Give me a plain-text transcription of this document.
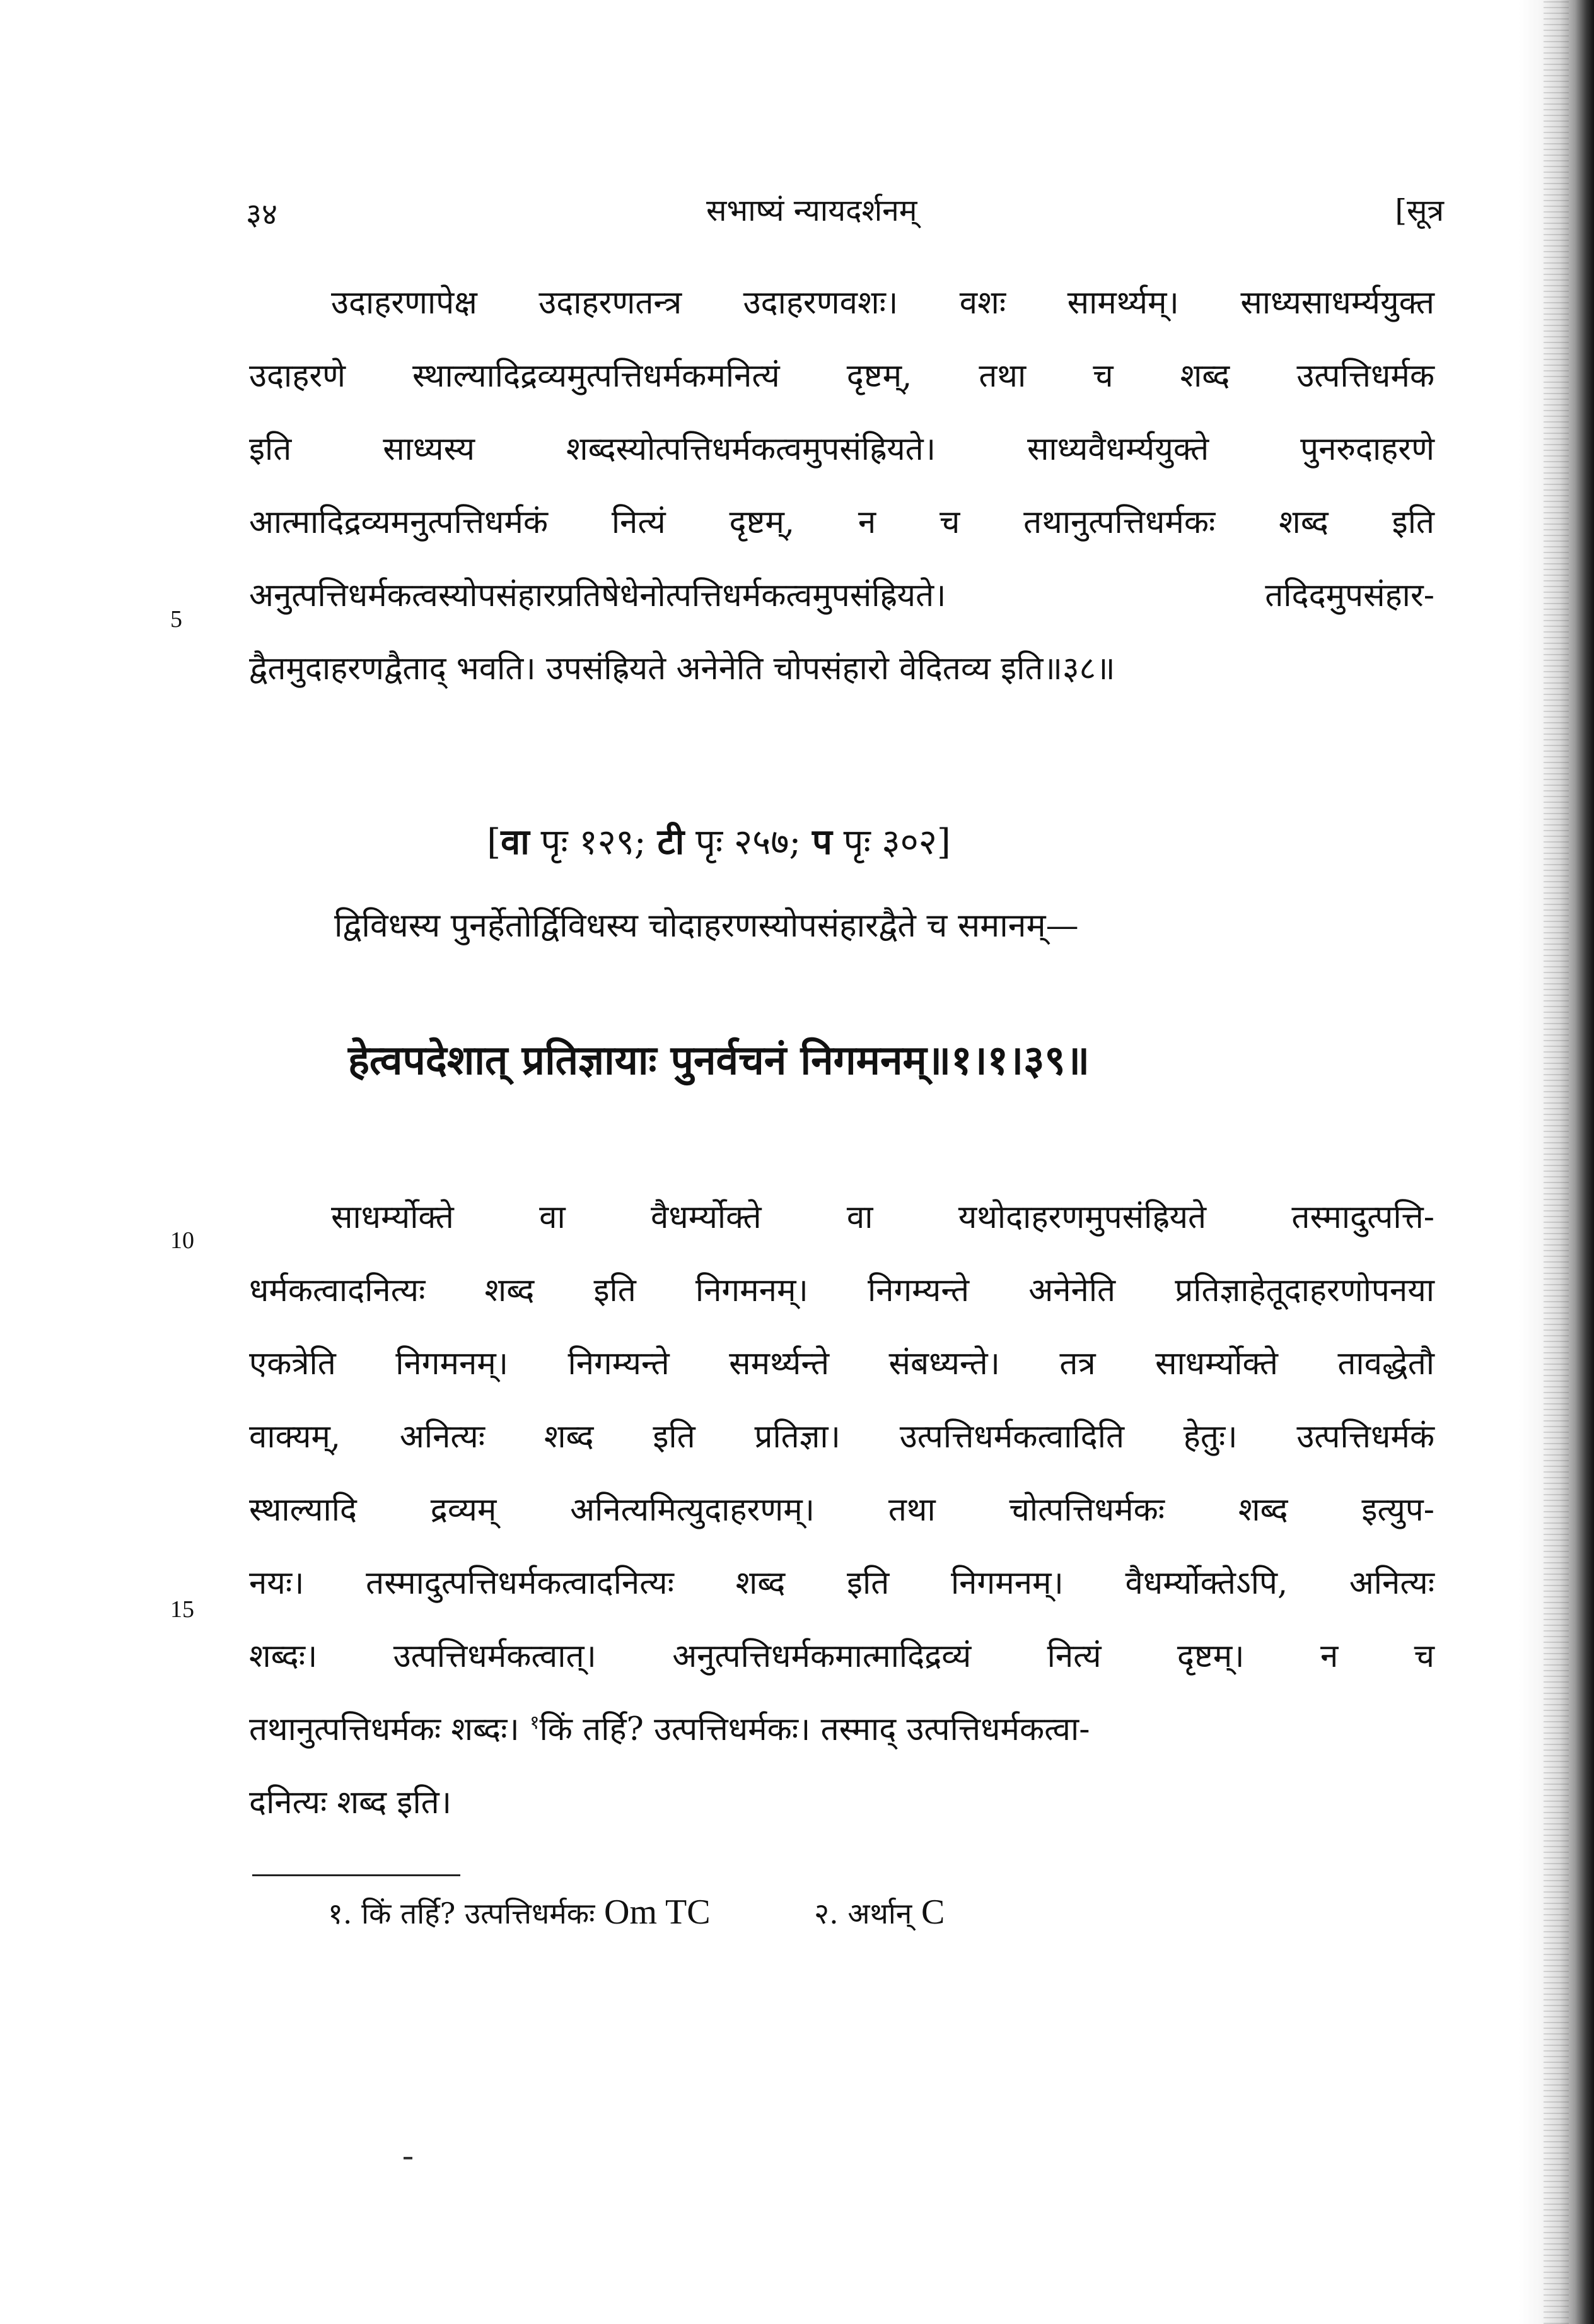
३४	सभाष्यं न्यायदर्शनम्	[सूत्र
उदाहरणापेक्ष उदाहरणतन्त्र उदाहरणवशः। वशः सामर्थ्यम्। साध्यसाधर्म्ययुक्त
उदाहरणे स्थाल्यादिद्रव्यमुत्पत्तिधर्मकमनित्यं दृष्टम्, तथा च शब्द उत्पत्तिधर्मक
इति साध्यस्य शब्दस्योत्पत्तिधर्मकत्वमुपसंह्रियते। साध्यवैधर्म्ययुक्ते पुनरुदाहरणे
आत्मादिद्रव्यमनुत्पत्तिधर्मकं नित्यं दृष्टम्, न च तथानुत्पत्तिधर्मकः शब्द इति
अनुत्पत्तिधर्मकत्वस्योपसंहारप्रतिषेधेनोत्पत्तिधर्मकत्वमुपसंह्रियते। तदिदमुपसंहार-
द्वैतमुदाहरणद्वैताद् भवति। उपसंह्रियते अनेनेति चोपसंहारो वेदितव्य इति॥३८॥
5
[वा पृः १२९; टी पृः २५७; प पृः ३०२]
द्विविधस्य पुनर्हेतोर्द्विविधस्य चोदाहरणस्योपसंहारद्वैते च समानम्—
हेत्वपदेशात् प्रतिज्ञायाः पुनर्वचनं निगमनम्॥१।१।३९॥
साधर्म्योक्ते वा वैधर्म्योक्ते वा यथोदाहरणमुपसंह्रियते तस्मादुत्पत्ति-
धर्मकत्वादनित्यः शब्द इति निगमनम्। निगम्यन्ते अनेनेति प्रतिज्ञाहेतूदाहरणोपनया
एकत्रेति निगमनम्। निगम्यन्ते समर्थ्यन्ते संबध्यन्ते। तत्र साधर्म्योक्ते तावद्धेतौ
वाक्यम्, अनित्यः शब्द इति प्रतिज्ञा। उत्पत्तिधर्मकत्वादिति हेतुः। उत्पत्तिधर्मकं
स्थाल्यादि द्रव्यम् अनित्यमित्युदाहरणम्। तथा चोत्पत्तिधर्मकः शब्द इत्युप-
नयः। तस्मादुत्पत्तिधर्मकत्वादनित्यः शब्द इति निगमनम्। वैधर्म्योक्तेऽपि, अनित्यः
शब्दः। उत्पत्तिधर्मकत्वात्। अनुत्पत्तिधर्मकमात्मादिद्रव्यं नित्यं दृष्टम्। न च
तथानुत्पत्तिधर्मकः शब्दः। $^१$किं तर्हि? उत्पत्तिधर्मकः। तस्माद् उत्पत्तिधर्मकत्वा-
दनित्यः शब्द इति।
10
15
१. किं तर्हि? उत्पत्तिधर्मकः Om TC	२. अर्थान् C
